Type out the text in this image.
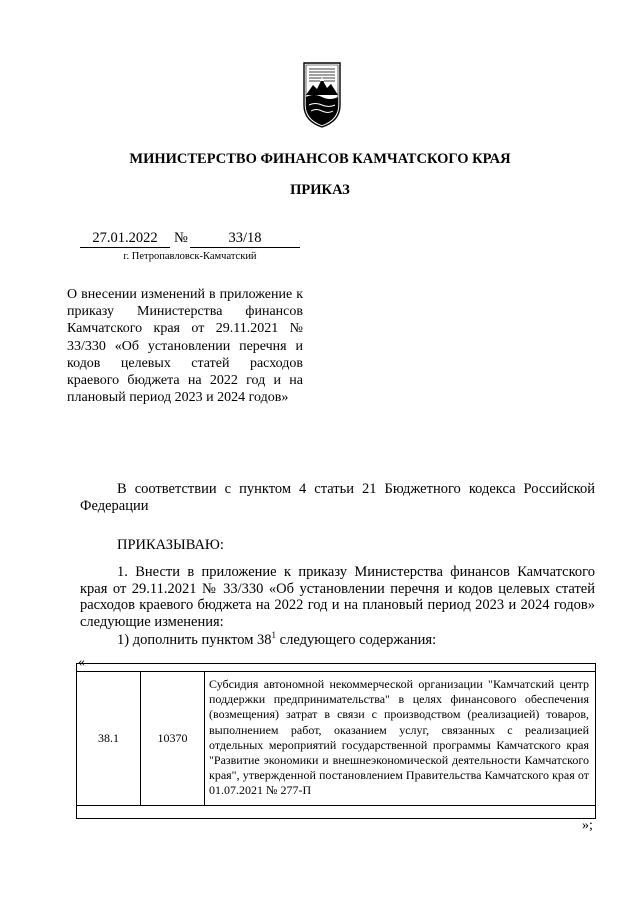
МИНИСТЕРСТВО ФИНАНСОВ КАМЧАТСКОГО КРАЯ
ПРИКАЗ
27.01.2022	№	33/18
г. Петропавловск-Камчатский
О внесении изменений в приложение к приказу Министерства финансов Камчатского края от 29.11.2021 № 33/330 «Об установлении перечня и кодов целевых статей расходов краевого бюджета на 2022 год и на плановый период 2023 и 2024 годов»
В соответствии с пунктом 4 статьи 21 Бюджетного кодекса Российской Федерации
ПРИКАЗЫВАЮ:
1. Внести в приложение к приказу Министерства финансов Камчатского края от 29.11.2021 № 33/330 «Об установлении перечня и кодов целевых статей расходов краевого бюджета на 2022 год и на плановый период 2023 и 2024 годов» следующие изменения:
1) дополнить пунктом $38^1$ следующего содержания:
«
38.1	10370	Субсидия автономной некоммерческой организации "Камчатский центр поддержки предпринимательства" в целях финансового обеспечения (возмещения) затрат в связи с производством (реализацией) товаров, выполнением работ, оказанием услуг, связанных с реализацией отдельных мероприятий государственной программы Камчатского края "Развитие экономики и внешнеэкономической деятельности Камчатского края", утвержденной постановлением Правительства Камчатского края от 01.07.2021 № 277-П
»;
